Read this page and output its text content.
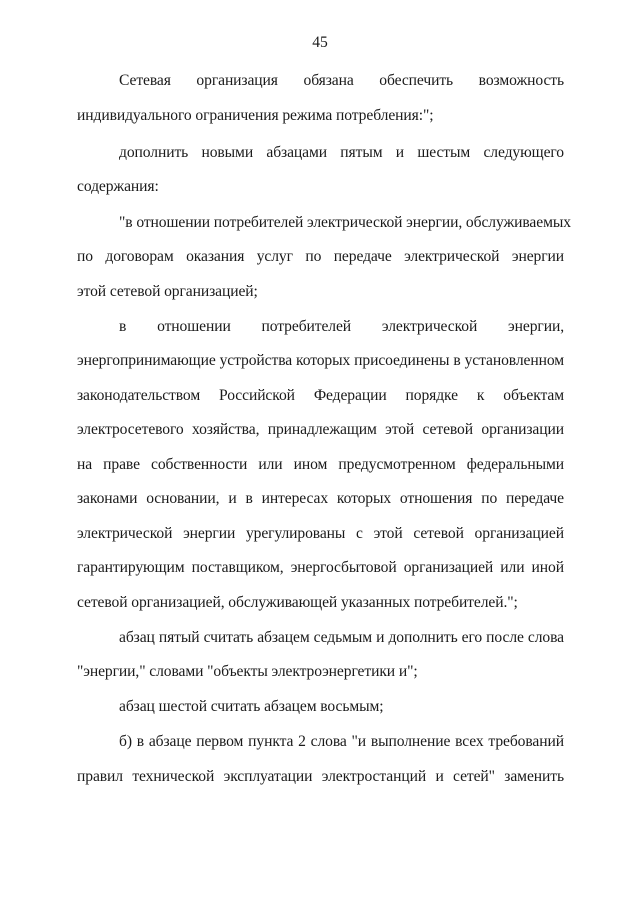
45
Сетевая организация обязана обеспечить возможность
индивидуального ограничения режима потребления:";
дополнить новыми абзацами пятым и шестым следующего
содержания:
"в отношении потребителей электрической энергии, обслуживаемых
по договорам оказания услуг по передаче электрической энергии
этой сетевой организацией;
в отношении потребителей электрической энергии,
энергопринимающие устройства которых присоединены в установленном
законодательством Российской Федерации порядке к объектам
электросетевого хозяйства, принадлежащим этой сетевой организации
на праве собственности или ином предусмотренном федеральными
законами основании, и в интересах которых отношения по передаче
электрической энергии урегулированы с этой сетевой организацией
гарантирующим поставщиком, энергосбытовой организацией или иной
сетевой организацией, обслуживающей указанных потребителей.";
абзац пятый считать абзацем седьмым и дополнить его после слова
"энергии," словами "объекты электроэнергетики и";
абзац шестой считать абзацем восьмым;
б) в абзаце первом пункта 2 слова "и выполнение всех требований
правил технической эксплуатации электростанций и сетей" заменить
